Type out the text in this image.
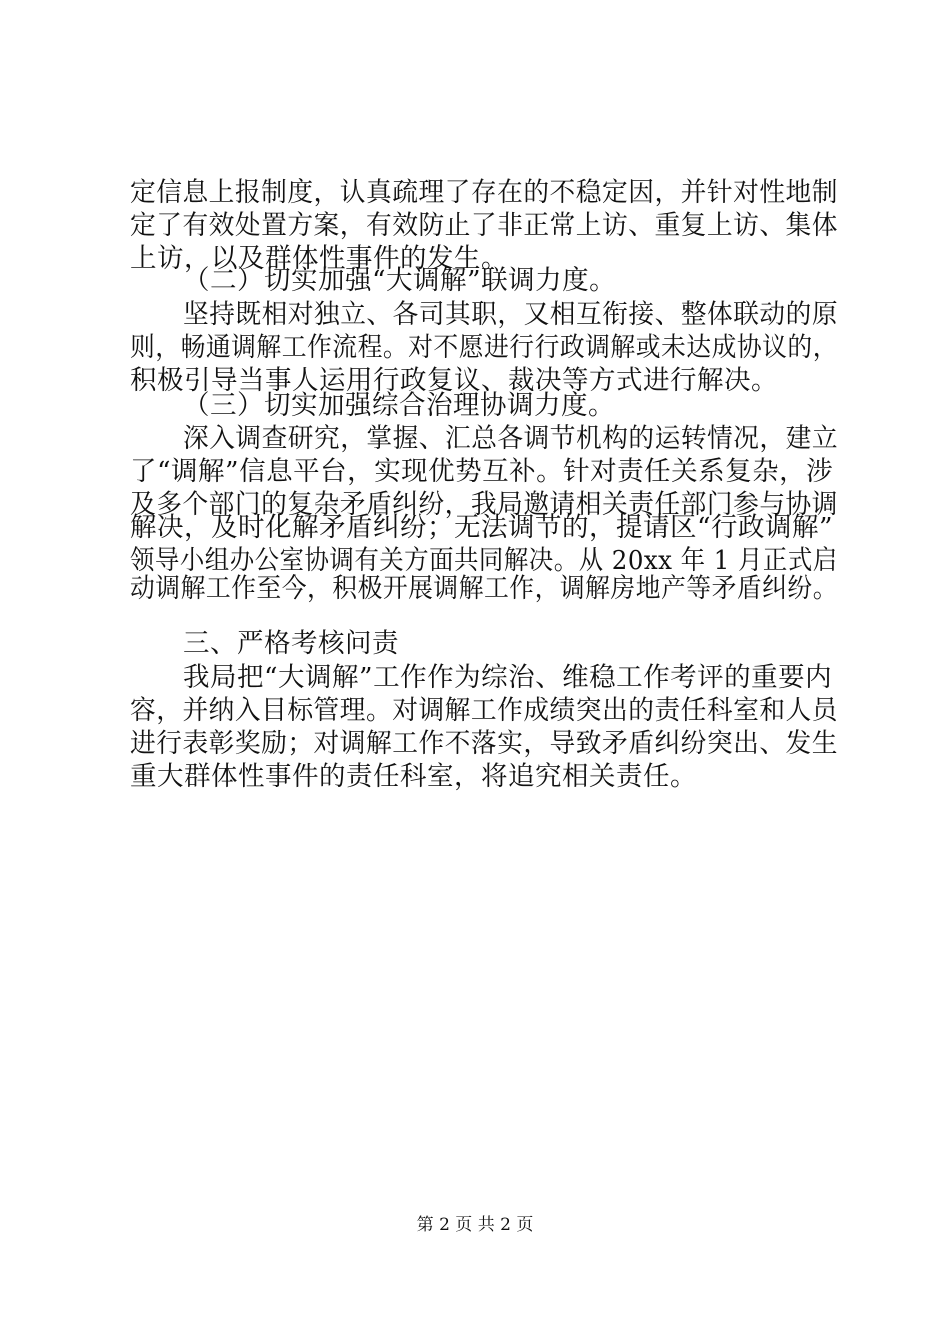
定信息上报制度，认真疏理了存在的不稳定因，并针对性地制
定了有效处置方案，有效防止了非正常上访、重复上访、集体
上访，以及群体性事件的发生。
（二）切实加强“大调解”联调力度。
坚持既相对独立、各司其职，又相互衔接、整体联动的原
则，畅通调解工作流程。对不愿进行行政调解或未达成协议的，
积极引导当事人运用行政复议、裁决等方式进行解决。
（三）切实加强综合治理协调力度。
深入调查研究，掌握、汇总各调节机构的运转情况，建立
了“调解”信息平台，实现优势互补。针对责任关系复杂，涉
及多个部门的复杂矛盾纠纷，我局邀请相关责任部门参与协调
解决，及时化解矛盾纠纷；无法调节的，提请区“行政调解”
领导小组办公室协调有关方面共同解决。从 20xx 年 1 月正式启
动调解工作至今，积极开展调解工作，调解房地产等矛盾纠纷。
三、严格考核问责
我局把“大调解”工作作为综治、维稳工作考评的重要内
容，并纳入目标管理。对调解工作成绩突出的责任科室和人员
进行表彰奖励；对调解工作不落实，导致矛盾纠纷突出、发生
重大群体性事件的责任科室，将追究相关责任。
第 2 页 共 2 页
